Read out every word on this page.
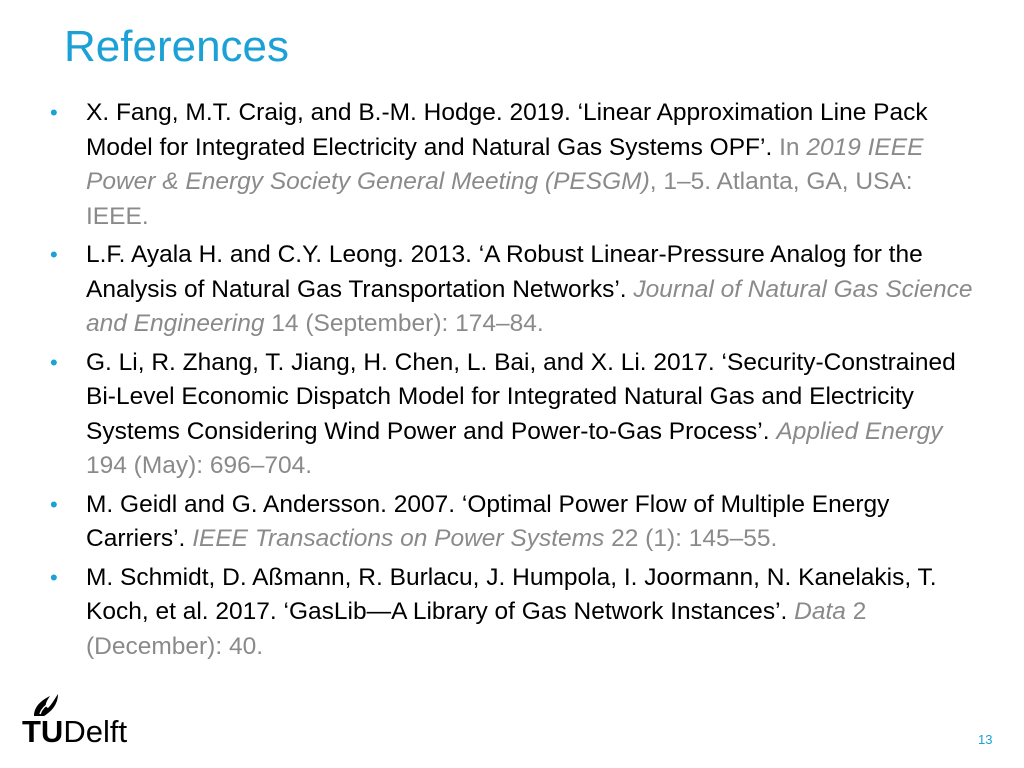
References
• X. Fang, M.T. Craig, and B.-M. Hodge. 2019. ‘Linear Approximation Line Pack Model for Integrated Electricity and Natural Gas Systems OPF’. In 2019 IEEE Power & Energy Society General Meeting (PESGM), 1–5. Atlanta, GA, USA: IEEE.
• L.F. Ayala H. and C.Y. Leong. 2013. ‘A Robust Linear-Pressure Analog for the Analysis of Natural Gas Transportation Networks’. Journal of Natural Gas Science and Engineering 14 (September): 174–84.
• G. Li, R. Zhang, T. Jiang, H. Chen, L. Bai, and X. Li. 2017. ‘Security-Constrained Bi-Level Economic Dispatch Model for Integrated Natural Gas and Electricity Systems Considering Wind Power and Power-to-Gas Process’. Applied Energy 194 (May): 696–704.
• M. Geidl and G. Andersson. 2007. ‘Optimal Power Flow of Multiple Energy Carriers’. IEEE Transactions on Power Systems 22 (1): 145–55.
• M. Schmidt, D. Aßmann, R. Burlacu, J. Humpola, I. Joormann, N. Kanelakis, T. Koch, et al. 2017. ‘GasLib—A Library of Gas Network Instances’. Data 2 (December): 40.
TUDelft	13
